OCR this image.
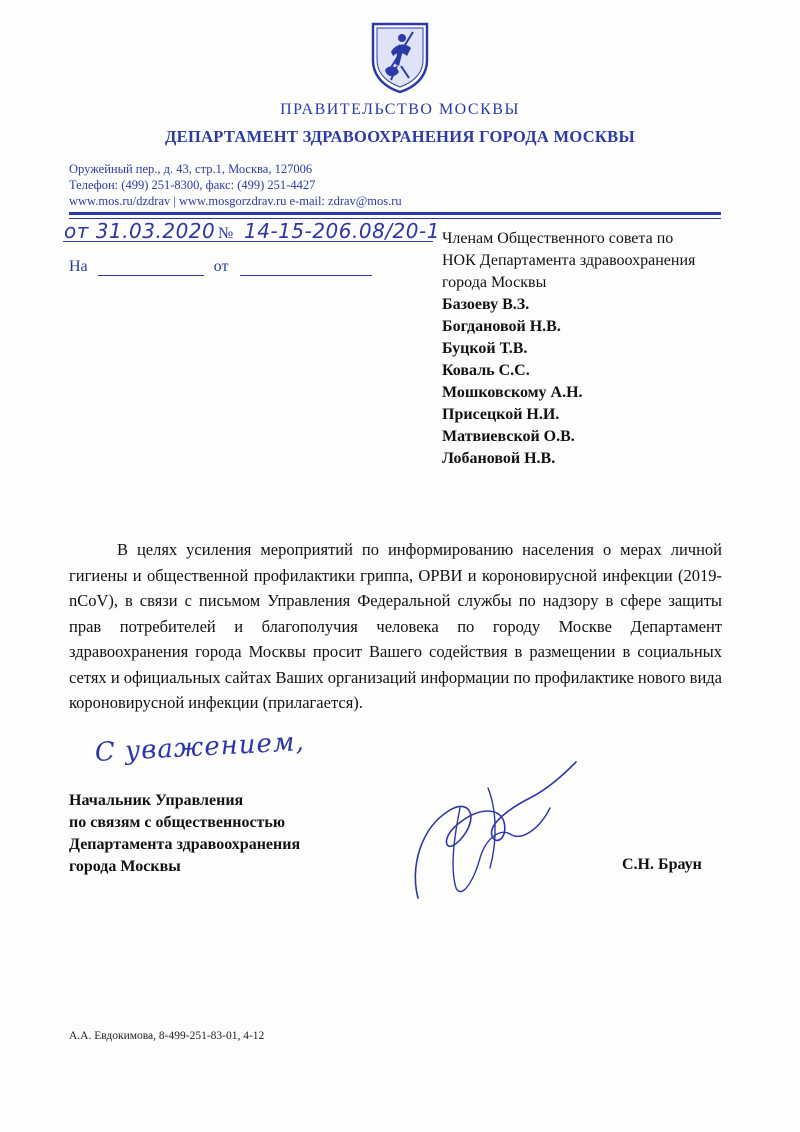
ПРАВИТЕЛЬСТВО МОСКВЫ
ДЕПАРТАМЕНТ ЗДРАВООХРАНЕНИЯ ГОРОДА МОСКВЫ
Оружейный пер., д. 43, стр.1, Москва, 127006
Телефон: (499) 251-8300, факс: (499) 251-4427
www.mos.ru/dzdrav | www.mosgorzdrav.ru e-mail: zdrav@mos.ru
от 31.03.2020 № 14-15-206.08/20-1
На	от
Членам Общественного совета по
НОК Департамента здравоохранения
города Москвы
Базоеву В.З.
Богдановой Н.В.
Буцкой Т.В.
Коваль С.С.
Мошковскому А.Н.
Присецкой Н.И.
Матвиевской О.В.
Лобановой Н.В.
В целях усиления мероприятий по информированию населения о мерах личной гигиены и общественной профилактики гриппа, ОРВИ и короновирусной инфекции (2019-nCoV), в связи с письмом Управления Федеральной службы по надзору в сфере защиты прав потребителей и благополучия человека по городу Москве Департамент здравоохранения города Москвы просит Вашего содействия в размещении в социальных сетях и официальных сайтах Ваших организаций информации по профилактике нового вида короновирусной инфекции (прилагается).
С уважением,
Начальник Управления
по связям с общественностью
Департамента здравоохранения
города Москвы	С.Н. Браун
А.А. Евдокимова, 8-499-251-83-01, 4-12
